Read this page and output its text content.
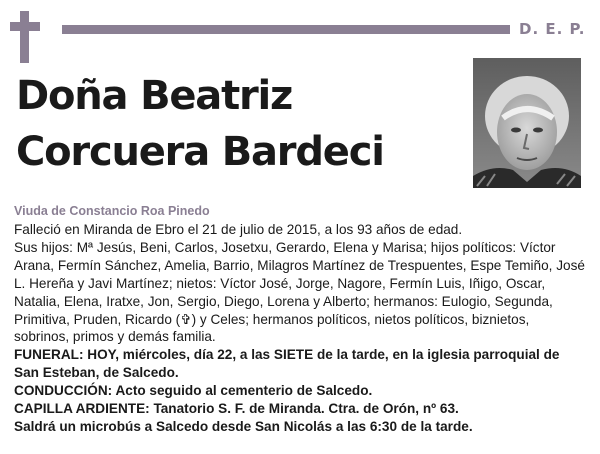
D. E. P.
Doña Beatriz
Corcuera Bardeci
Viuda de Constancio Roa Pinedo

Falleció en Miranda de Ebro el 21 de julio de 2015, a los 93 años de edad.

Sus hijos: Mª Jesús, Beni, Carlos, Josetxu, Gerardo, Elena y Marisa; hijos políticos: Víctor Arana, Fermín Sánchez, Amelia, Barrio, Milagros Martínez de Trespuentes, Espe Temiño, José L. Hereña y Javi Martínez; nietos: Víctor José, Jorge, Nagore, Fermín Luis, Iñigo, Oscar, Natalia, Elena, Iratxe, Jon, Sergio, Diego, Lorena y Alberto; hermanos: Eulogio, Segunda, Primitiva, Pruden, Ricardo (✞) y Celes; hermanos políticos, nietos políticos, biznietos, sobrinos, primos y demás familia.

FUNERAL: HOY, miércoles, día 22, a las SIETE de la tarde, en la iglesia parroquial de San Esteban, de Salcedo.

CONDUCCIÓN: Acto seguido al cementerio de Salcedo.

CAPILLA ARDIENTE: Tanatorio S. F. de Miranda. Ctra. de Orón, nº 63.

Saldrá un microbús a Salcedo desde San Nicolás a las 6:30 de la tarde.
